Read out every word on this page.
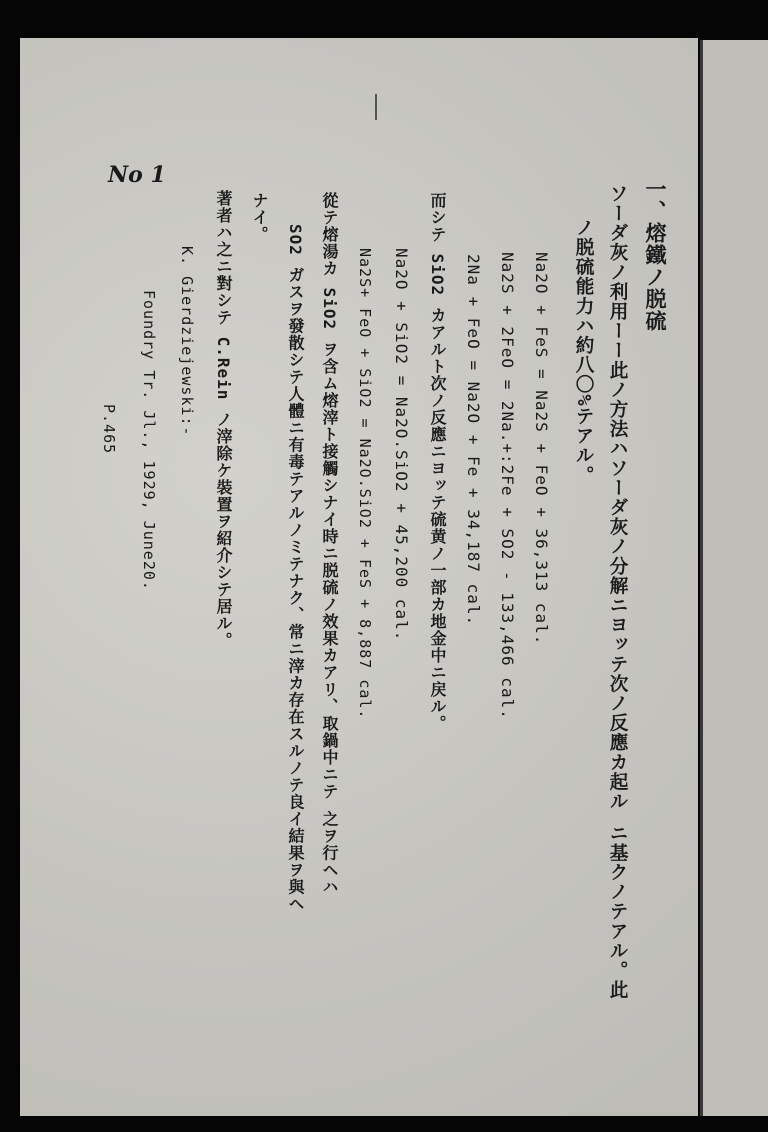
No 1
一、熔鐵ノ脱硫
ソーダ灰ノ利用ーー此ノ方法ハソーダ灰ノ分解ニヨッテ次ノ反應カ起ル ニ基クノテアル。此
ノ脱硫能力ハ約八〇%テアル。
Na2O + FeS = Na2S + FeO + 36,313 cal.
Na2S + 2FeO = 2Na.+:2Fe + SO2 - 133,466 cal.
2Na + FeO = Na2O + Fe + 34,187 cal.
而シテ SiO2 カアルト次ノ反應ニヨッテ硫黄ノ一部カ地金中ニ戻ル。
Na2O + SiO2 = Na2O.SiO2 + 45,200 cal.
Na2S+ FeO + SiO2 = Na2O.SiO2 + FeS + 8,887 cal.
從テ熔湯カ SiO2 ヲ含ム熔滓ト接觸シナイ時ニ脱硫ノ效果カアリ、取鍋中ニテ 之ヲ行ヘハ
SO2 ガスヲ發散シテ人體ニ有毒テアルノミテナク、常ニ滓カ存在スルノテ良イ結果ヲ與ヘ
ナイ。
著者ハ之ニ對シテ C.Rein ノ滓除ケ裝置ヲ紹介シテ居ル。
K. Gierdziejewski:-
Foundry Tr. Jl., 1929, June20.
P.465
